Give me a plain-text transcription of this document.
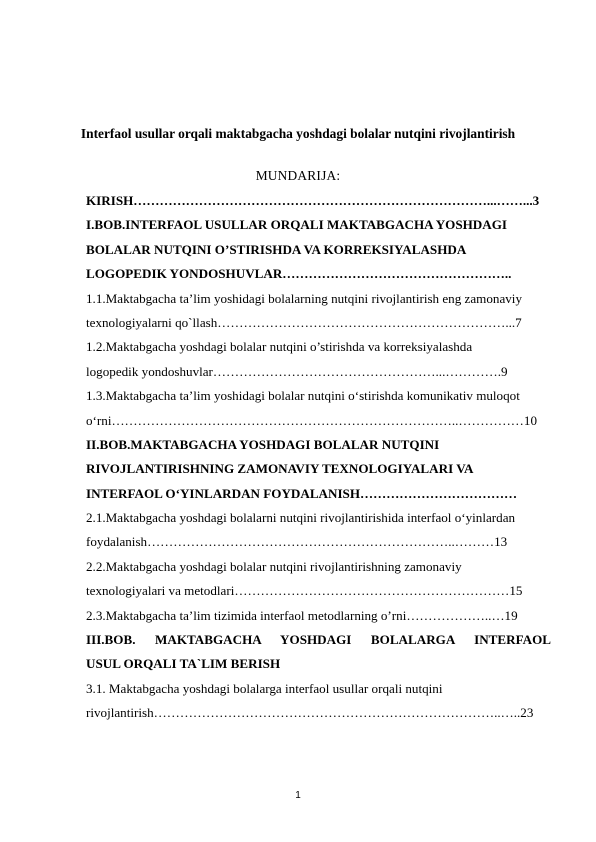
Interfaol usullar orqali maktabgacha yoshdagi bolalar nutqini rivojlantirish
MUNDARIJA:
KIRISH………………………………………………………………………...……...3
I.BOB.INTERFAOL USULLAR ORQALI MAKTABGACHA YOSHDAGI
BOLALAR NUTQINI O’STIRISHDA VA KORREKSIYALASHDA
LOGOPEDIK YONDOSHUVLAR……………………………………………..
1.1.Maktabgacha ta’lim yoshidagi bolalarning nutqini rivojlantirish eng zamonaviy
texnologiyalarni qo`llash…………………………………………………………...7
1.2.Maktabgacha yoshdagi bolalar nutqini o’stirishda va korreksiyalashda
logopedik yondoshuvlar……………………………………………...………….9
1.3.Maktabgacha ta’lim yoshidagi bolalar nutqini o‘stirishda komunikativ muloqot
o‘rni……………………………………………………………………..……………10
II.BOB.MAKTABGACHA YOSHDAGI BOLALAR NUTQINI
RIVOJLANTIRISHNING ZAMONAVIY TEXNOLOGIYALARI VA
INTERFAOL O‘YINLARDAN FOYDALANISH………………………………
2.1.Maktabgacha yoshdagi bolalarni nutqini rivojlantirishida interfaol o‘yinlardan
foydalanish……………………………………………………………..………13
2.2.Maktabgacha yoshdagi bolalar nutqini rivojlantirishning zamonaviy
texnologiyalari va metodlari………………………………………………………15
2.3.Maktabgacha ta’lim tizimida interfaol metodlarning o’rni………………..…19
III.BOB. MAKTABGACHA YOSHDAGI BOLALARGA INTERFAOL
USUL ORQALI TA`LIM BERISH
3.1. Maktabgacha yoshdagi bolalarga interfaol usullar orqali nutqini
rivojlantirish……………………………………………………………………..…..23
1
